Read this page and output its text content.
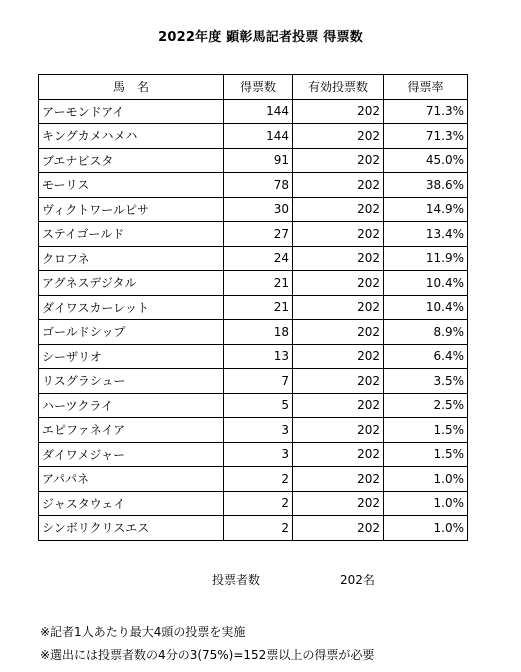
2022年度 顕彰馬記者投票 得票数
馬　名	得票数	有効投票数	得票率
アーモンドアイ	144	202	71.3%
キングカメハメハ	144	202	71.3%
ブエナビスタ	91	202	45.0%
モーリス	78	202	38.6%
ヴィクトワールピサ	30	202	14.9%
ステイゴールド	27	202	13.4%
クロフネ	24	202	11.9%
アグネスデジタル	21	202	10.4%
ダイワスカーレット	21	202	10.4%
ゴールドシップ	18	202	8.9%
シーザリオ	13	202	6.4%
リスグラシュー	7	202	3.5%
ハーツクライ	5	202	2.5%
エピファネイア	3	202	1.5%
ダイワメジャー	3	202	1.5%
アパパネ	2	202	1.0%
ジャスタウェイ	2	202	1.0%
シンボリクリスエス	2	202	1.0%
投票者数	202名
※記者1人あたり最大4頭の投票を実施
※選出には投票者数の4分の3(75%)=152票以上の得票が必要
